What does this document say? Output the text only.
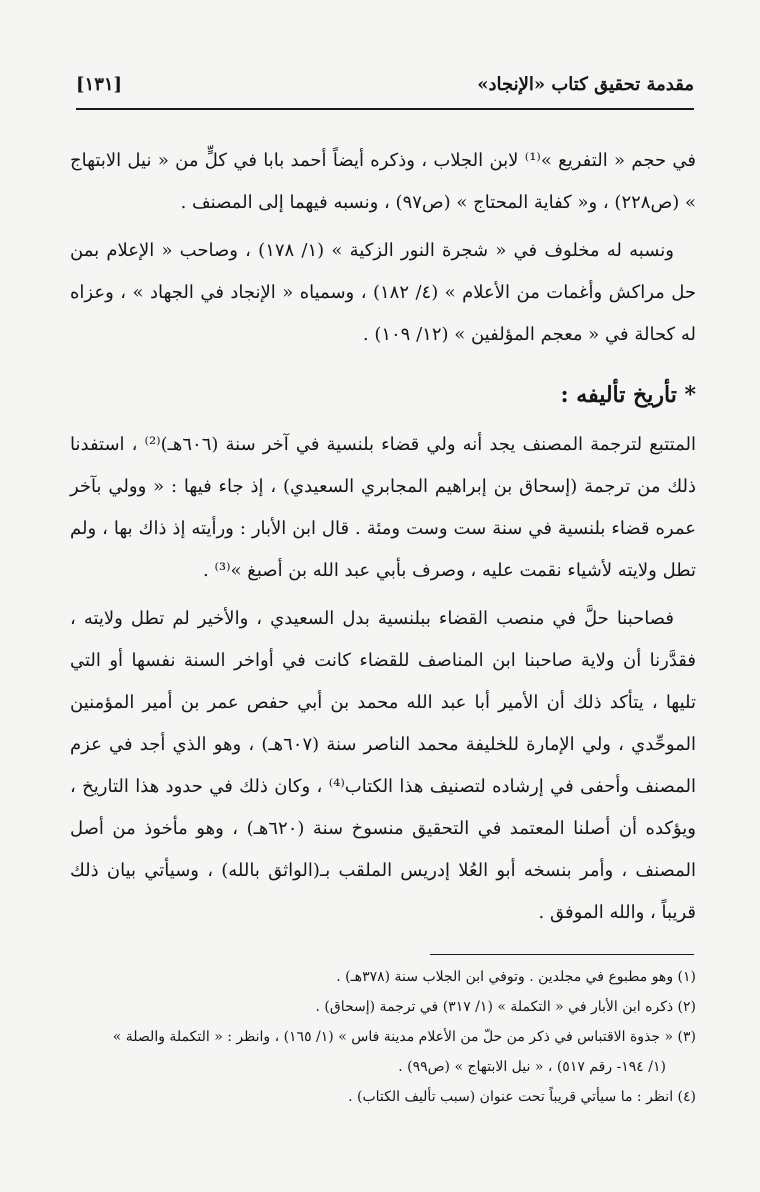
مقدمة تحقيق كتاب «الإنجاد»
[١٣١]

في حجم « التفريع »⁽¹⁾ لابن الجلاب ، وذكره أيضاً أحمد بابا في كلٍّ من « نيل الابتهاج » (ص٢٢٨) ، و« كفاية المحتاج » (ص٩٧) ، ونسبه فيهما إلى المصنف .

ونسبه له مخلوف في « شجرة النور الزكية » (١/ ١٧٨) ، وصاحب « الإعلام بمن حل مراكش وأغمات من الأعلام » (٤/ ١٨٢) ، وسمياه « الإنجاد في الجهاد » ، وعزاه له كحالة في « معجم المؤلفين » (١٢/ ١٠٩) .

* تأريخ تأليفه :

المتتبع لترجمة المصنف يجد أنه ولي قضاء بلنسية في آخر سنة (٦٠٦هـ)⁽²⁾ ، استفدنا ذلك من ترجمة (إسحاق بن إبراهيم المجابري السعيدي) ، إذ جاء فيها : « وولي بآخر عمره قضاء بلنسية في سنة ست وست ومئة . قال ابن الأبار : ورأيته إذ ذاك بها ، ولم تطل ولايته لأشياء نقمت عليه ، وصرف بأبي عبد الله بن أصبغ »⁽³⁾ .

فصاحبنا حلَّ في منصب القضاء ببلنسية بدل السعيدي ، والأخير لم تطل ولايته ، فقدَّرنا أن ولاية صاحبنا ابن المناصف للقضاء كانت في أواخر السنة نفسها أو التي تليها ، يتأكد ذلك أن الأمير أبا عبد الله محمد بن أبي حفص عمر بن أمير المؤمنين الموحِّدي ، ولي الإمارة للخليفة محمد الناصر سنة (٦٠٧هـ) ، وهو الذي أجد في عزم المصنف وأحفى في إرشاده لتصنيف هذا الكتاب⁽⁴⁾ ، وكان ذلك في حدود هذا التاريخ ، ويؤكده أن أصلنا المعتمد في التحقيق منسوخ سنة (٦٢٠هـ) ، وهو مأخوذ من أصل المصنف ، وأمر بنسخه أبو العُلا إدريس الملقب بـ(الواثق بالله) ، وسيأتي بيان ذلك قريباً ، والله الموفق .

(١) وهو مطبوع في مجلدين . وتوفي ابن الجلاب سنة (٣٧٨هـ) .

(٢) ذكره ابن الأبار في « التكملة » (١/ ٣١٧) في ترجمة (إسحاق) .

(٣) « جذوة الاقتباس في ذكر من حلّ من الأعلام مدينة فاس » (١/ ١٦٥) ، وانظر : « التكملة والصلة »

(١/ ١٩٤- رقم ٥١٧) ، « نيل الابتهاج » (ص٩٩) .

(٤) انظر : ما سيأتي قريباً تحت عنوان (سبب تأليف الكتاب) .
